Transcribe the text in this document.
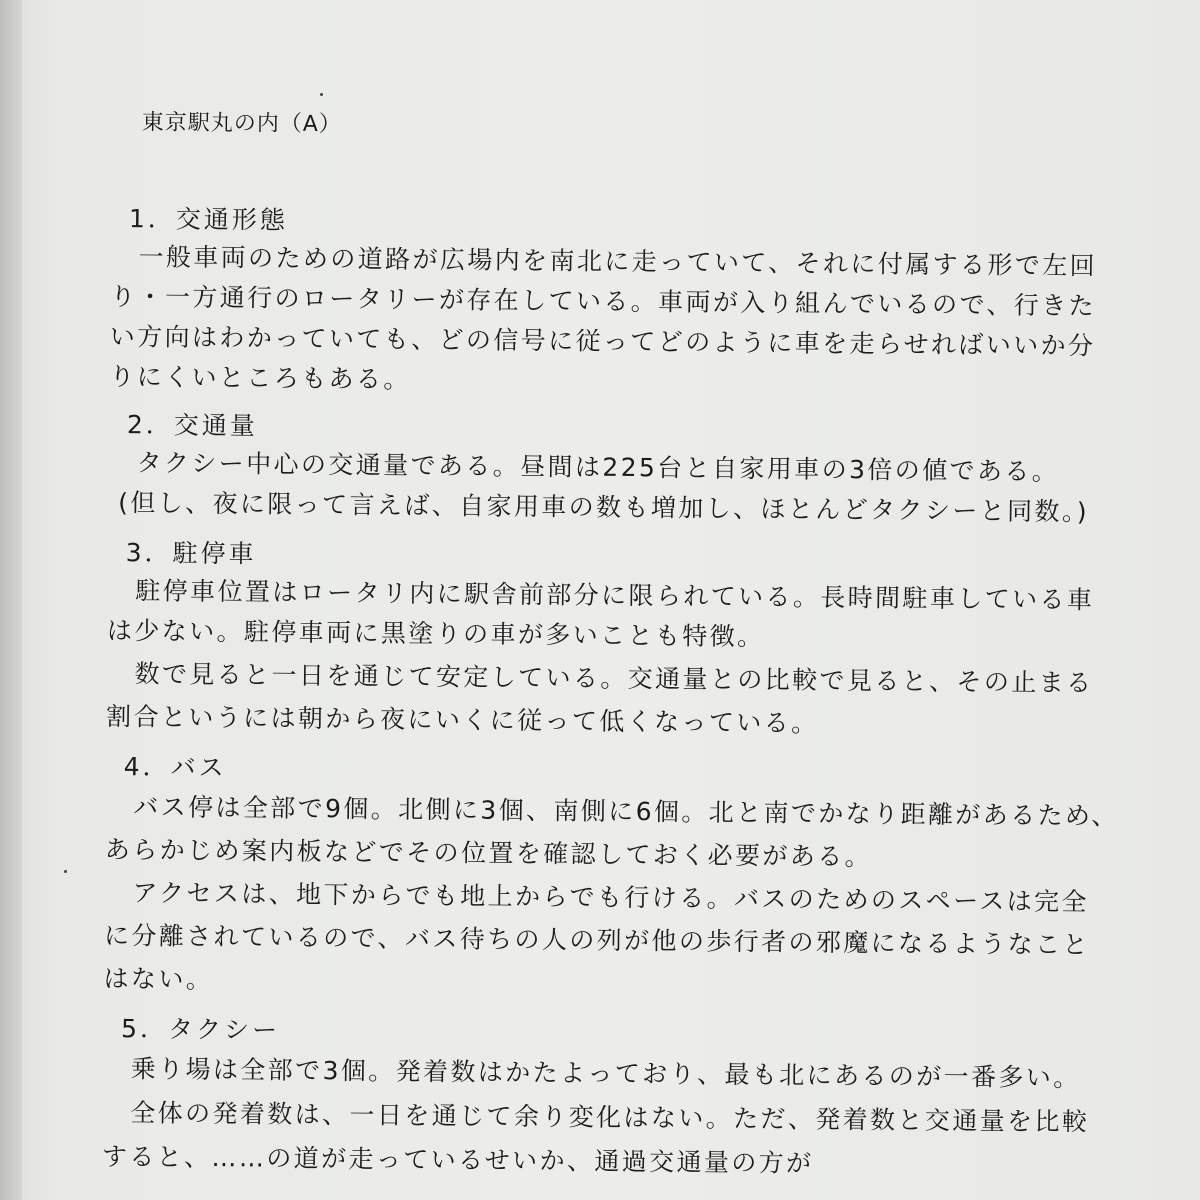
東京駅丸の内（A）
1．交通形態

一般車両のための道路が広場内を南北に走っていて、それに付属する形で左回

り・一方通行のロータリーが存在している。車両が入り組んでいるので、行きた

い方向はわかっていても、どの信号に従ってどのように車を走らせればいいか分

りにくいところもある。

2．交通量

タクシー中心の交通量である。昼間は225台と自家用車の3倍の値である。

(但し、夜に限って言えば、自家用車の数も増加し、ほとんどタクシーと同数。)

3．駐停車

駐停車位置はロータリ内に駅舎前部分に限られている。長時間駐車している車

は少ない。駐停車両に黒塗りの車が多いことも特徴。

数で見ると一日を通じて安定している。交通量との比較で見ると、その止まる

割合というには朝から夜にいくに従って低くなっている。

4．バス

バス停は全部で9個。北側に3個、南側に6個。北と南でかなり距離があるため、

あらかじめ案内板などでその位置を確認しておく必要がある。

アクセスは、地下からでも地上からでも行ける。バスのためのスペースは完全

に分離されているので、バス待ちの人の列が他の歩行者の邪魔になるようなこと

はない。

5．タクシー

乗り場は全部で3個。発着数はかたよっており、最も北にあるのが一番多い。

全体の発着数は、一日を通じて余り変化はない。ただ、発着数と交通量を比較

すると、……の道が走っているせいか、通過交通量の方が
